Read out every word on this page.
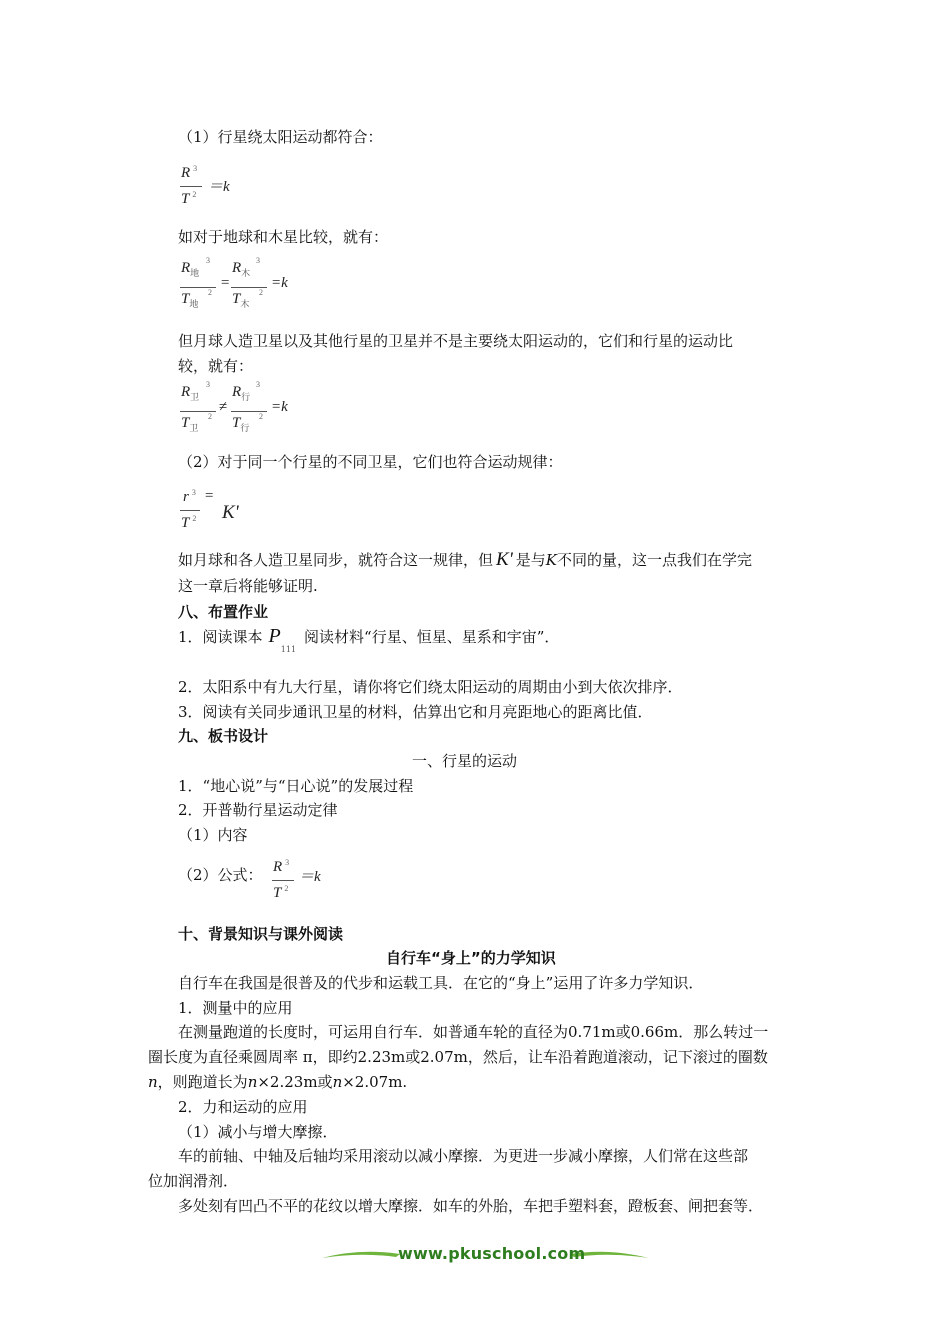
（1）行星绕太阳运动都符合：
R $^3$
T $^2$ ＝k
如对于地球和木星比较，就有：
$R_地$
3
$T_地$
2
=
$R_木$
3
$T_木$
2
=k
但月球人造卫星以及其他行星的卫星并不是主要绕太阳运动的，它们和行星的运动比
较，就有：
$R_卫$
3
$T_卫$
2
≠
$R_行$
3
$T_行$
2
=k
（2）对于同一个行星的不同卫星，它们也符合运动规律：
r $^3$
T $^2$
=
K'
如月球和各人造卫星同步，就符合这一规律，但 K' 是与K不同的量，这一点我们在学完
这一章后将能够证明.
八、布置作业
1．阅读课本 $P_{111}$阅读材料“行星、恒星、星系和宇宙”．
2．太阳系中有九大行星，请你将它们绕太阳运动的周期由小到大依次排序．
3．阅读有关同步通讯卫星的材料，估算出它和月亮距地心的距离比值．
九、板书设计
一、行星的运动
1．“地心说”与“日心说”的发展过程
2．开普勒行星运动定律
（1）内容
（2）公式： R $^3$
T $^2$
＝k
十、背景知识与课外阅读
自行车“身上”的力学知识
自行车在我国是很普及的代步和运载工具．在它的“身上”运用了许多力学知识．
1．测量中的应用
在测量跑道的长度时，可运用自行车．如普通车轮的直径为0.71m或0.66m．那么转过一
圈长度为直径乘圆周率 π，即约2.23m或2.07m，然后，让车沿着跑道滚动，记下滚过的圈数
n，则跑道长为n×2.23m或n×2.07m.
2．力和运动的应用
（1）减小与增大摩擦．
车的前轴、中轴及后轴均采用滚动以减小摩擦．为更进一步减小摩擦，人们常在这些部
位加润滑剂．
多处刻有凹凸不平的花纹以增大摩擦．如车的外胎，车把手塑料套，蹬板套、闸把套等．
www.pkuschool.com
